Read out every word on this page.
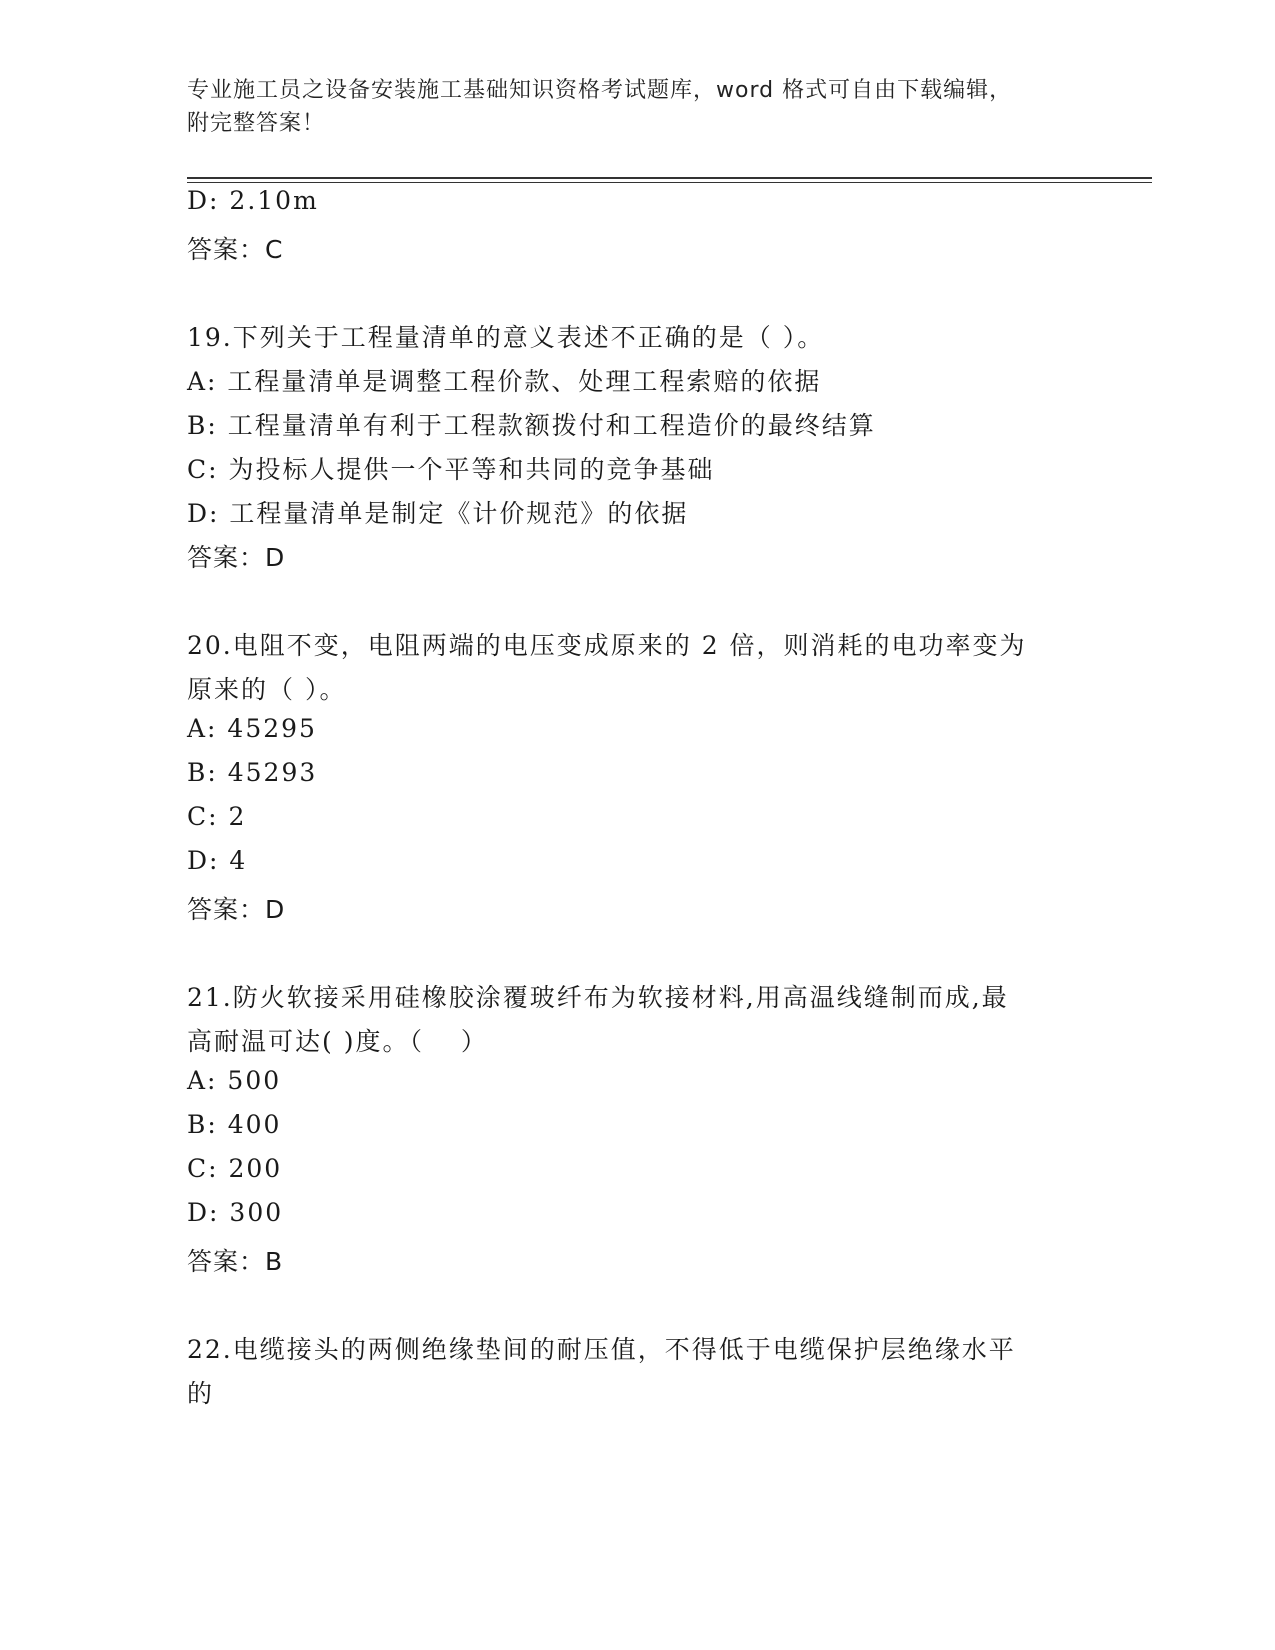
专业施工员之设备安装施工基础知识资格考试题库，word 格式可自由下载编辑，
附完整答案！
D: 2.10m
答案：C
19.下列关于工程量清单的意义表述不正确的是（ ）。
A: 工程量清单是调整工程价款、处理工程索赔的依据
B: 工程量清单有利于工程款额拨付和工程造价的最终结算
C: 为投标人提供一个平等和共同的竞争基础
D: 工程量清单是制定《计价规范》的依据
答案：D
20.电阻不变，电阻两端的电压变成原来的 2 倍，则消耗的电功率变为
原来的（ ）。
A: 45295
B: 45293
C: 2
D: 4
答案：D
21.防火软接采用硅橡胶涂覆玻纤布为软接材料,用高温线缝制而成,最
高耐温可达( )度。（　 ）
A: 500
B: 400
C: 200
D: 300
答案：B
22.电缆接头的两侧绝缘垫间的耐压值，不得低于电缆保护层绝缘水平
的
